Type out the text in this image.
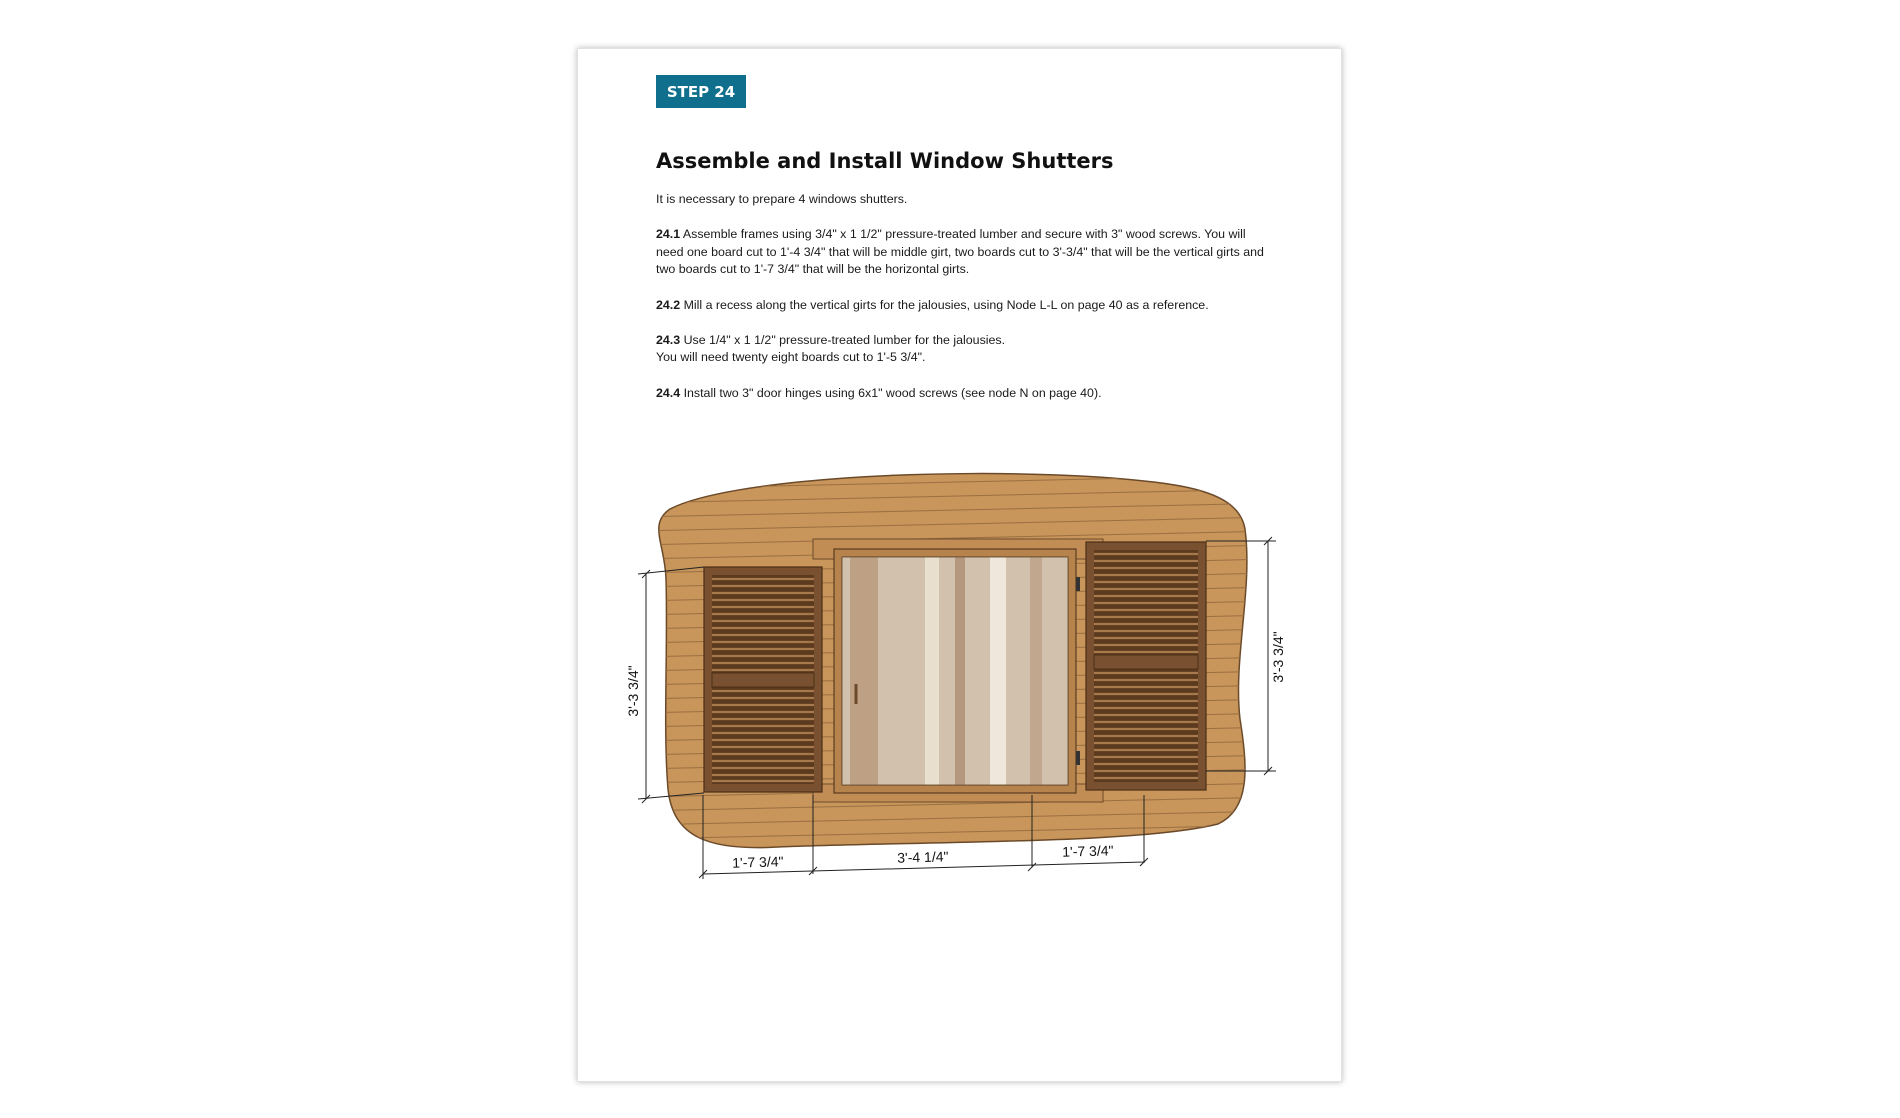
STEP 24
Assemble and Install Window Shutters

It is necessary to prepare 4 windows shutters.

24.1 Assemble frames using 3/4" x 1 1/2" pressure-treated lumber and secure with 3" wood screws. You will need one board cut to 1'-4 3/4" that will be middle girt, two boards cut to 3'-3/4" that will be the vertical girts and two boards cut to 1'-7 3/4" that will be the horizontal girts.

24.2 Mill a recess along the vertical girts for the jalousies, using Node L-L on page 40 as a reference.

24.3 Use 1/4" x 1 1/2" pressure-treated lumber for the jalousies.
You will need twenty eight boards cut to 1'-5 3/4".

24.4 Install two 3" door hinges using 6x1" wood screws (see node N on page 40).

3'-3 3/4"
3'-3 3/4"
1'-7 3/4"	3'-4 1/4"	1'-7 3/4"
